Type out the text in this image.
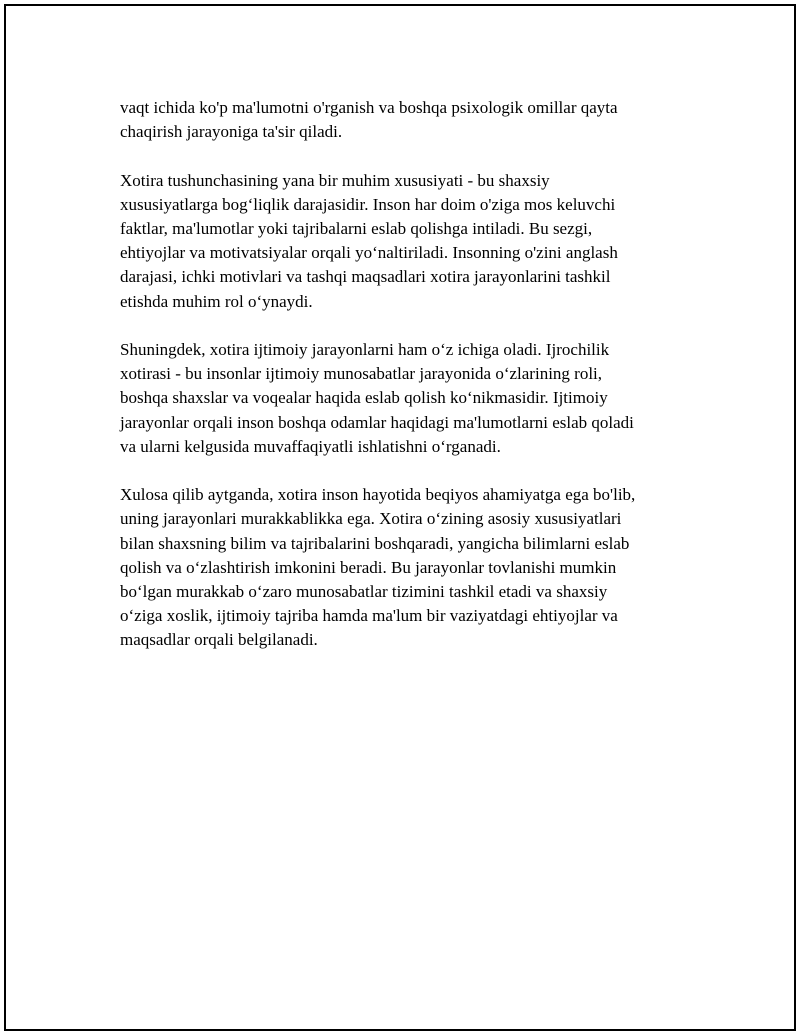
vaqt ichida ko'p ma'lumotni o'rganish va boshqa psixologik omillar qayta
chaqirish jarayoniga ta'sir qiladi.
Xotira tushunchasining yana bir muhim xususiyati - bu shaxsiy
xususiyatlarga bog‘liqlik darajasidir. Inson har doim o'ziga mos keluvchi
faktlar, ma'lumotlar yoki tajribalarni eslab qolishga intiladi. Bu sezgi,
ehtiyojlar va motivatsiyalar orqali yo‘naltiriladi. Insonning o'zini anglash
darajasi, ichki motivlari va tashqi maqsadlari xotira jarayonlarini tashkil
etishda muhim rol o‘ynaydi.
Shuningdek, xotira ijtimoiy jarayonlarni ham o‘z ichiga oladi. Ijrochilik
xotirasi - bu insonlar ijtimoiy munosabatlar jarayonida o‘zlarining roli,
boshqa shaxslar va voqealar haqida eslab qolish ko‘nikmasidir. Ijtimoiy
jarayonlar orqali inson boshqa odamlar haqidagi ma'lumotlarni eslab qoladi
va ularni kelgusida muvaffaqiyatli ishlatishni o‘rganadi.
Xulosa qilib aytganda, xotira inson hayotida beqiyos ahamiyatga ega bo'lib,
uning jarayonlari murakkablikka ega. Xotira o‘zining asosiy xususiyatlari
bilan shaxsning bilim va tajribalarini boshqaradi, yangicha bilimlarni eslab
qolish va o‘zlashtirish imkonini beradi. Bu jarayonlar tovlanishi mumkin
bo‘lgan murakkab o‘zaro munosabatlar tizimini tashkil etadi va shaxsiy
o‘ziga xoslik, ijtimoiy tajriba hamda ma'lum bir vaziyatdagi ehtiyojlar va
maqsadlar orqali belgilanadi.
